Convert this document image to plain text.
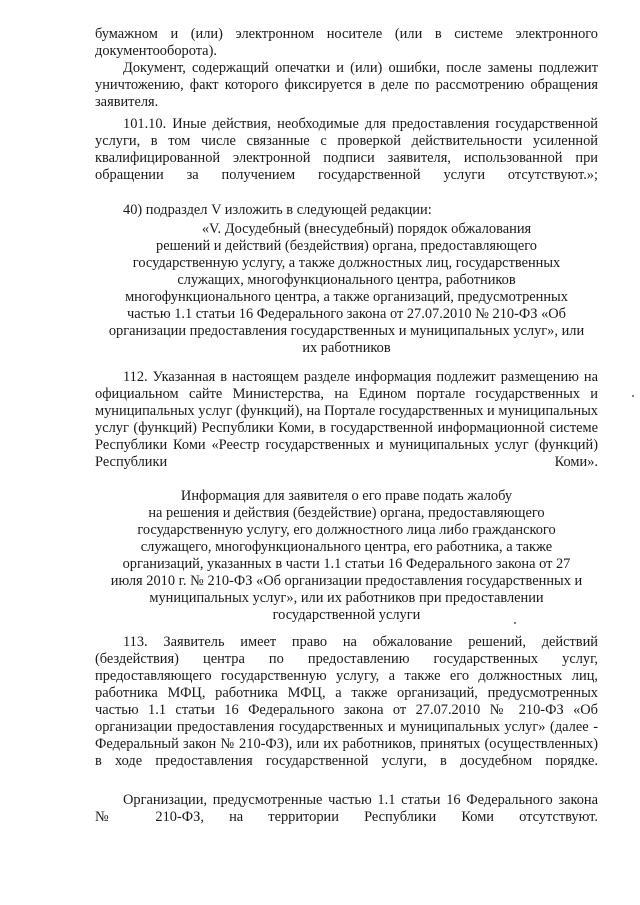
бумажном и (или) электронном носителе (или в системе электронного документооборота).

Документ, содержащий опечатки и (или) ошибки, после замены подлежит уничтожению, факт которого фиксируется в деле по рассмотрению обращения заявителя.

101.10. Иные действия, необходимые для предоставления государственной услуги, в том числе связанные с проверкой действительности усиленной квалифицированной электронной подписи заявителя, использованной при обращении за получением государственной услуги отсутствуют.»;

40) подраздел V изложить в следующей редакции:

«V. Досудебный (внесудебный) порядок обжалования
решений и действий (бездействия) органа, предоставляющего
государственную услугу, а также должностных лиц, государственных
служащих, многофункционального центра, работников
многофункционального центра, а также организаций, предусмотренных
частью 1.1 статьи 16 Федерального закона от 27.07.2010 № 210-ФЗ «Об
организации предоставления государственных и муниципальных услуг», или
их работников

112. Указанная в настоящем разделе информация подлежит размещению на официальном сайте Министерства, на Едином портале государственных и муниципальных услуг (функций), на Портале государственных и муниципальных услуг (функций) Республики Коми, в государственной информационной системе Республики Коми «Реестр государственных и муниципальных услуг (функций) Республики Коми».

Информация для заявителя о его праве подать жалобу
на решения и действия (бездействие) органа, предоставляющего
государственную услугу, его должностного лица либо гражданского
служащего, многофункционального центра, его работника, а также
организаций, указанных в части 1.1 статьи 16 Федерального закона от 27
июля 2010 г. № 210-ФЗ «Об организации предоставления государственных и
муниципальных услуг», или их работников при предоставлении
государственной услуги

113. Заявитель имеет право на обжалование решений, действий (бездействия) центра по предоставлению государственных услуг, предоставляющего государственную услугу, а также его должностных лиц, работника МФЦ, работника МФЦ, а также организаций, предусмотренных частью 1.1 статьи 16 Федерального закона от 27.07.2010 № 210-ФЗ «Об организации предоставления государственных и муниципальных услуг» (далее - Федеральный закон № 210-ФЗ), или их работников, принятых (осуществленных) в ходе предоставления государственной услуги, в досудебном порядке.

Организации, предусмотренные частью 1.1 статьи 16 Федерального закона № 210-ФЗ, на территории Республики Коми отсутствуют.
